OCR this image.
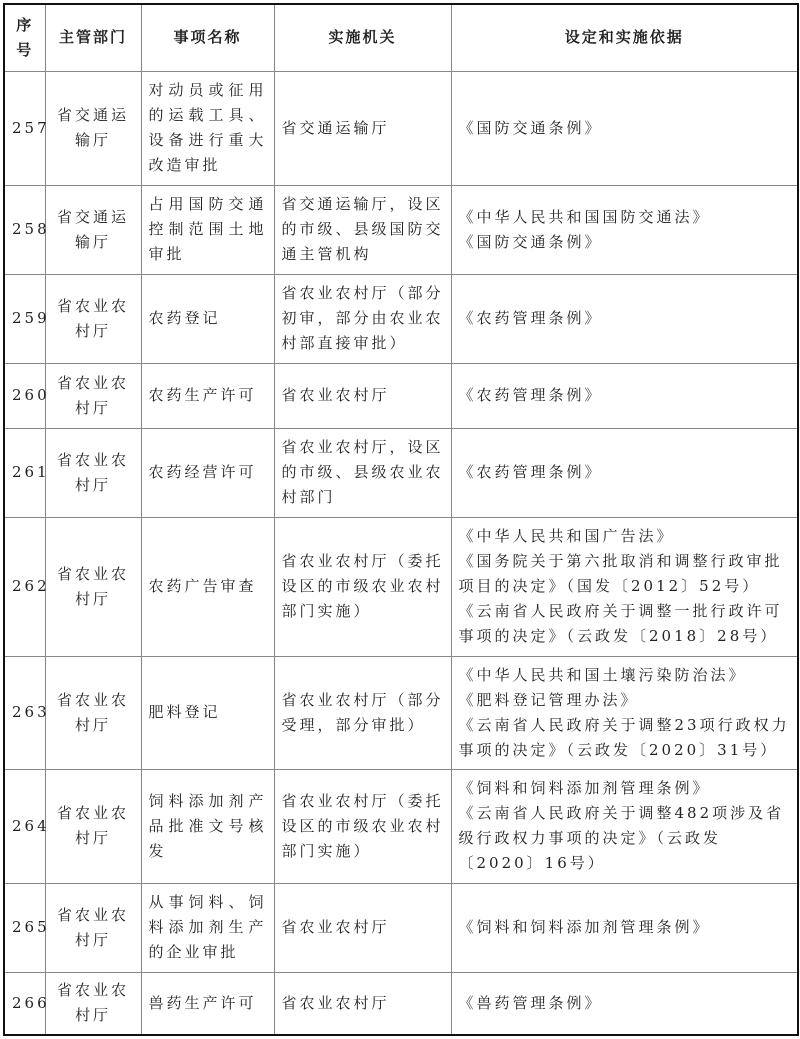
序
号	主管部门	事项名称	实施机关	设定和实施依据
257	省交通运输厅	对动员或征用的运载工具、设备进行重大改造审批	省交通运输厅	《国防交通条例》

258	省交通运输厅	占用国防交通控制范围土地审批	省交通运输厅，设区的市级、县级国防交通主管机构	《中华人民共和国国防交通法》
《国防交通条例》

259	省农业农村厅	农药登记	省农业农村厅（部分初审，部分由农业农村部直接审批）	《农药管理条例》

260	省农业农村厅	农药生产许可	省农业农村厅	《农药管理条例》

261	省农业农村厅	农药经营许可	省农业农村厅，设区的市级、县级农业农村部门	《农药管理条例》

262	省农业农村厅	农药广告审查	省农业农村厅（委托设区的市级农业农村部门实施）	《中华人民共和国广告法》
《国务院关于第六批取消和调整行政审批项目的决定》（国发〔2012〕52号）
《云南省人民政府关于调整一批行政许可事项的决定》（云政发〔2018〕28号）

263	省农业农村厅	肥料登记	省农业农村厅（部分受理，部分审批）	《中华人民共和国土壤污染防治法》
《肥料登记管理办法》
《云南省人民政府关于调整23项行政权力事项的决定》（云政发〔2020〕31号）

264	省农业农村厅	饲料添加剂产品批准文号核发	省农业农村厅（委托设区的市级农业农村部门实施）	《饲料和饲料添加剂管理条例》
《云南省人民政府关于调整482项涉及省级行政权力事项的决定》（云政发〔2020〕16号）

265	省农业农村厅	从事饲料、饲料添加剂生产的企业审批	省农业农村厅	《饲料和饲料添加剂管理条例》

266	省农业农村厅	兽药生产许可	省农业农村厅	《兽药管理条例》
